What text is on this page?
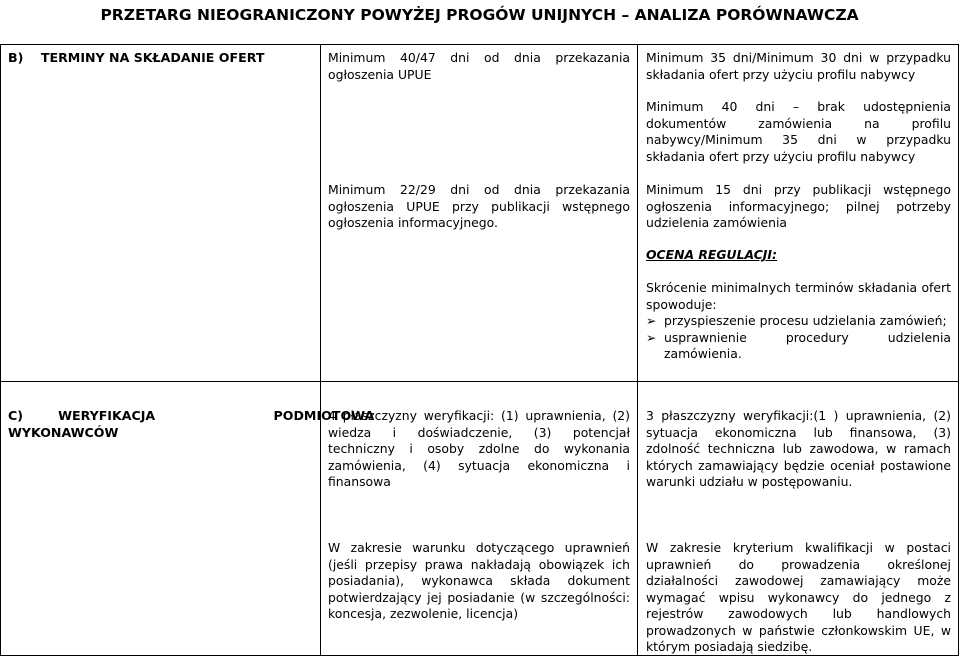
PRZETARG NIEOGRANICZONY POWYŻEJ PROGÓW UNIJNYCH – ANALIZA PORÓWNAWCZA
B)    TERMINY NA SKŁADANIE OFERT	Minimum 40/47 dni od dnia przekazania ogłoszenia UPUE

Minimum 22/29 dni od dnia przekazania ogłoszenia UPUE przy publikacji wstępnego ogłoszenia informacyjnego.

Minimum 35 dni/Minimum 30 dni w przypadku składania ofert przy użyciu profilu nabywcy

Minimum 40 dni – brak udostępnienia dokumentów zamówienia na profilu nabywcy/Minimum 35 dni w przypadku składania ofert przy użyciu profilu nabywcy

Minimum 15 dni przy publikacji wstępnego ogłoszenia informacyjnego; pilnej potrzeby udzielenia zamówienia

OCENA REGULACJI:

Skrócenie minimalnych terminów składania ofert spowoduje:

➢ przyspieszenie procesu udzielania zamówień;

➢ usprawnienie procedury udzielenia zamówienia.

C)        WERYFIKACJA                           PODMIOTOWA WYKONAWCÓW

4 płaszczyzny weryfikacji: (1) uprawnienia, (2) wiedza i doświadczenie, (3) potencjał techniczny i osoby zdolne do wykonania zamówienia, (4) sytuacja ekonomiczna i finansowa

W zakresie warunku dotyczącego uprawnień (jeśli przepisy prawa nakładają obowiązek ich posiadania), wykonawca składa dokument potwierdzający jej posiadanie (w szczególności: koncesja, zezwolenie, licencja)

3 płaszczyzny weryfikacji:(1 ) uprawnienia, (2) sytuacja ekonomiczna lub finansowa, (3) zdolność techniczna lub zawodowa, w ramach których zamawiający będzie oceniał postawione warunki udziału w postępowaniu.

W zakresie kryterium kwalifikacji w postaci uprawnień do prowadzenia określonej działalności zawodowej zamawiający może wymagać wpisu wykonawcy do jednego z rejestrów zawodowych lub handlowych prowadzonych w państwie członkowskim UE, w którym posiadają siedzibę.
